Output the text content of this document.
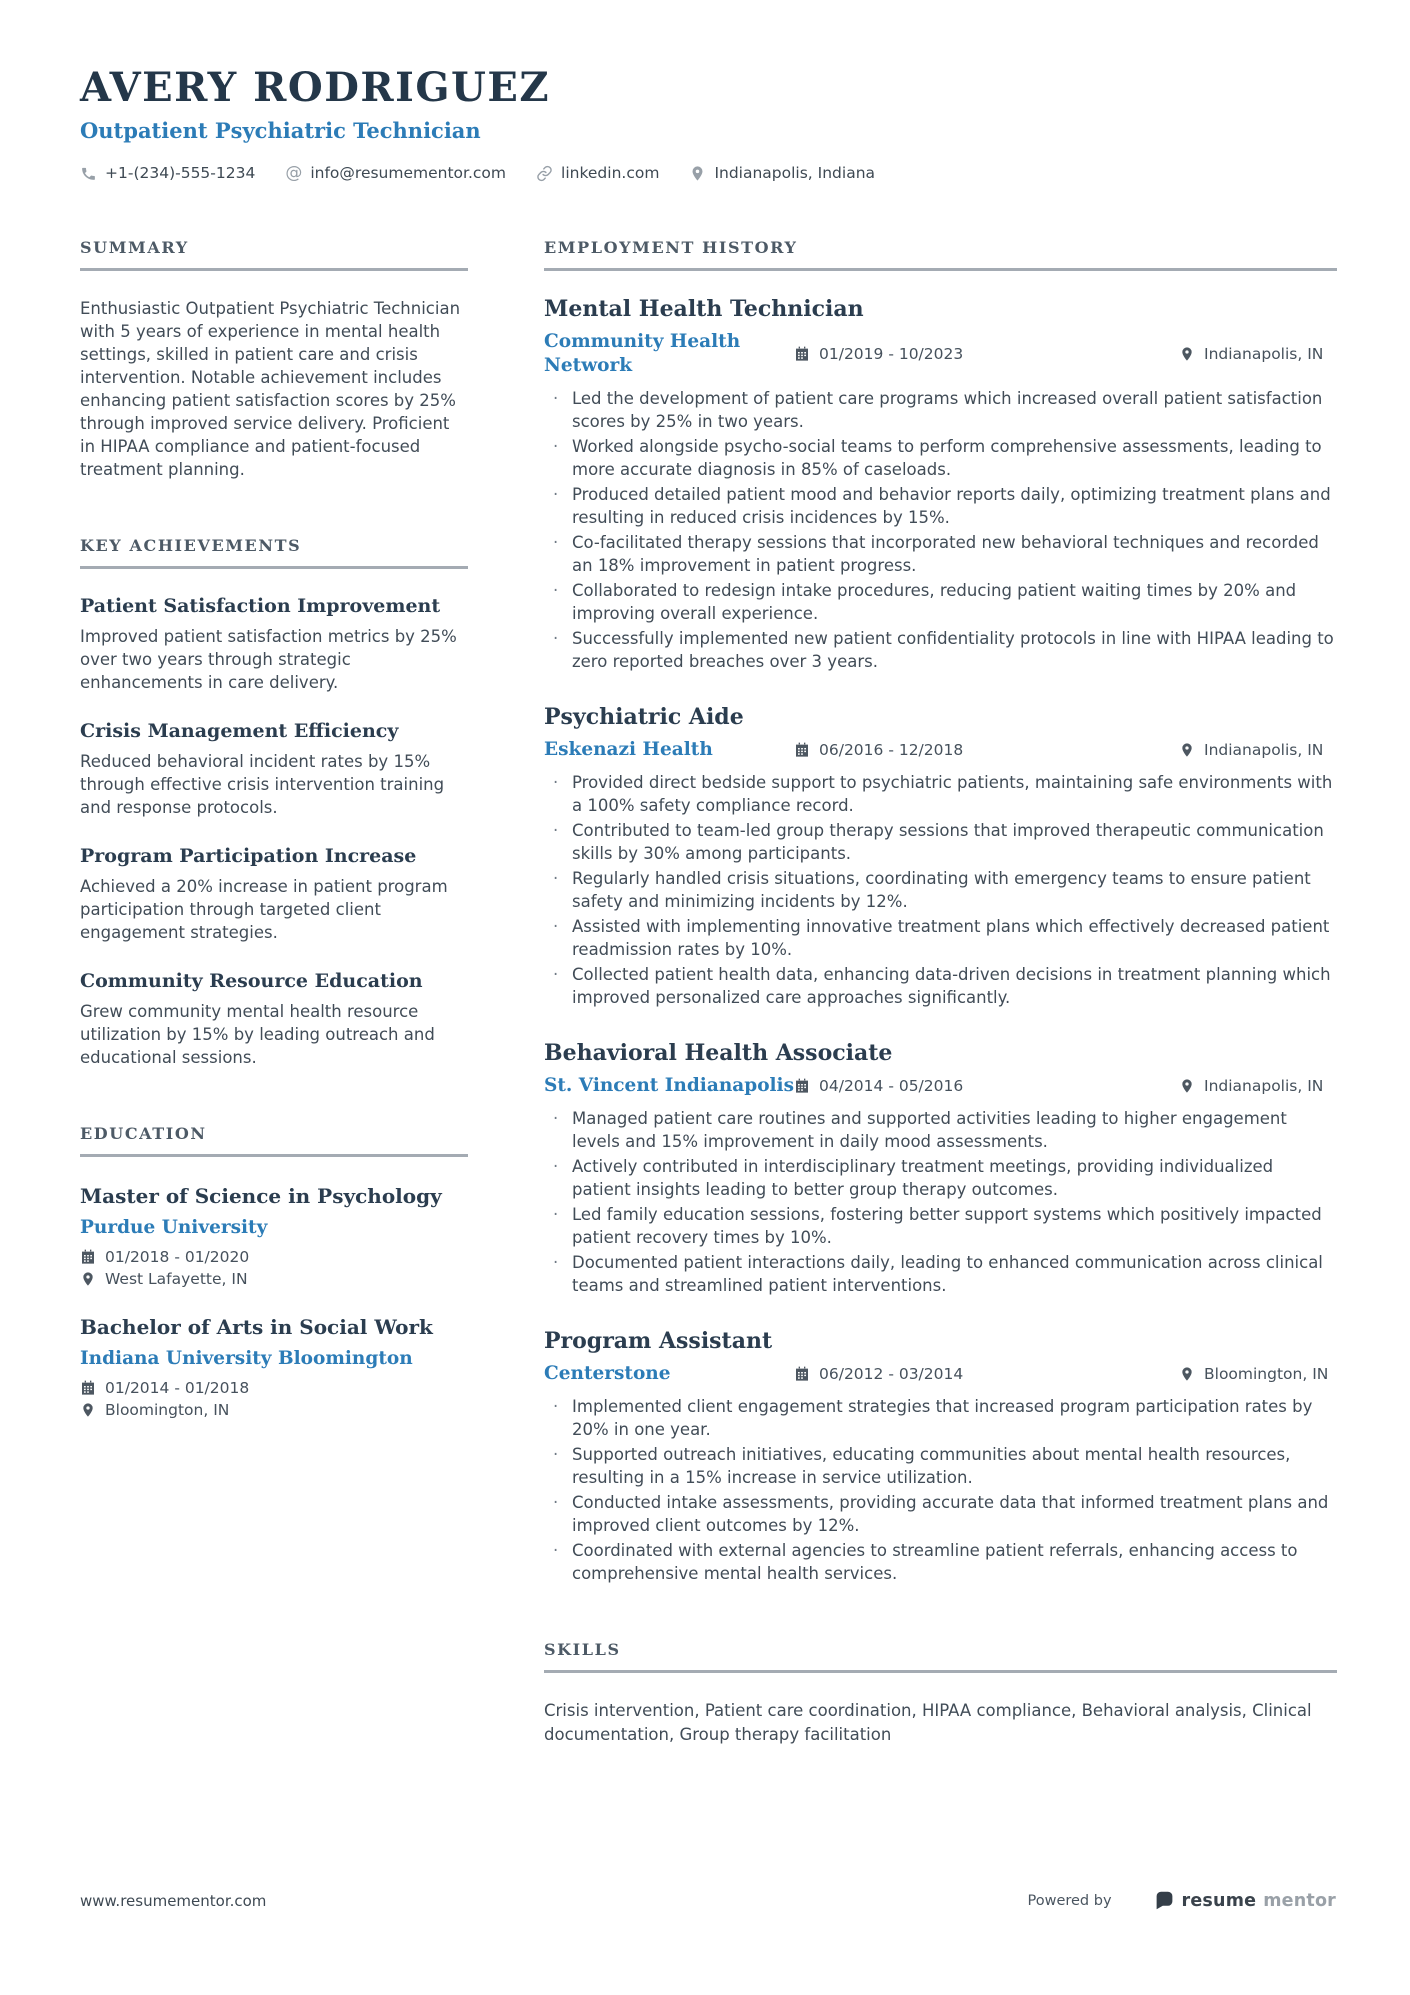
AVERY RODRIGUEZ
Outpatient Psychiatric Technician
+1-(234)-555-1234 @ info@resumementor.com	linkedin.com	Indianapolis, Indiana
SUMMARY

Enthusiastic Outpatient Psychiatric Technician with 5 years of experience in mental health settings, skilled in patient care and crisis intervention. Notable achievement includes enhancing patient satisfaction scores by 25% through improved service delivery. Proficient in HIPAA compliance and patient-focused treatment planning.

KEY ACHIEVEMENTS
Patient Satisfaction Improvement

Improved patient satisfaction metrics by 25% over two years through strategic enhancements in care delivery.

Crisis Management Efficiency

Reduced behavioral incident rates by 15% through effective crisis intervention training and response protocols.

Program Participation Increase

Achieved a 20% increase in patient program participation through targeted client engagement strategies.

Community Resource Education

Grew community mental health resource utilization by 15% by leading outreach and educational sessions.

EDUCATION
Master of Science in Psychology
Purdue University
01/2018 - 01/2020
West Lafayette, IN
Bachelor of Arts in Social Work
Indiana University Bloomington
01/2014 - 01/2018
Bloomington, IN
EMPLOYMENT HISTORY
Mental Health Technician
Community Health Network
01/2019 - 10/2023	Indianapolis, IN
· Led the development of patient care programs which increased overall patient satisfaction scores by 25% in two years.
· Worked alongside psycho-social teams to perform comprehensive assessments, leading to more accurate diagnosis in 85% of caseloads.
· Produced detailed patient mood and behavior reports daily, optimizing treatment plans and resulting in reduced crisis incidences by 15%.
· Co-facilitated therapy sessions that incorporated new behavioral techniques and recorded an 18% improvement in patient progress.
· Collaborated to redesign intake procedures, reducing patient waiting times by 20% and improving overall experience.
· Successfully implemented new patient confidentiality protocols in line with HIPAA leading to zero reported breaches over 3 years.
Psychiatric Aide
Eskenazi Health	06/2016 - 12/2018	Indianapolis, IN
· Provided direct bedside support to psychiatric patients, maintaining safe environments with a 100% safety compliance record.
· Contributed to team-led group therapy sessions that improved therapeutic communication skills by 30% among participants.
· Regularly handled crisis situations, coordinating with emergency teams to ensure patient safety and minimizing incidents by 12%.
· Assisted with implementing innovative treatment plans which effectively decreased patient readmission rates by 10%.
· Collected patient health data, enhancing data-driven decisions in treatment planning which improved personalized care approaches significantly.
Behavioral Health Associate
St. Vincent Indianapolis 04/2014 - 05/2016	Indianapolis, IN
· Managed patient care routines and supported activities leading to higher engagement levels and 15% improvement in daily mood assessments.
· Actively contributed in interdisciplinary treatment meetings, providing individualized patient insights leading to better group therapy outcomes.
· Led family education sessions, fostering better support systems which positively impacted patient recovery times by 10%.
· Documented patient interactions daily, leading to enhanced communication across clinical teams and streamlined patient interventions.
Program Assistant
Centerstone	06/2012 - 03/2014	Bloomington, IN
· Implemented client engagement strategies that increased program participation rates by 20% in one year.
· Supported outreach initiatives, educating communities about mental health resources, resulting in a 15% increase in service utilization.
· Conducted intake assessments, providing accurate data that informed treatment plans and improved client outcomes by 12%.
· Coordinated with external agencies to streamline patient referrals, enhancing access to comprehensive mental health services.
SKILLS

Crisis intervention, Patient care coordination, HIPAA compliance, Behavioral analysis, Clinical documentation, Group therapy facilitation

www.resumementor.com	Powered by	resume mentor
